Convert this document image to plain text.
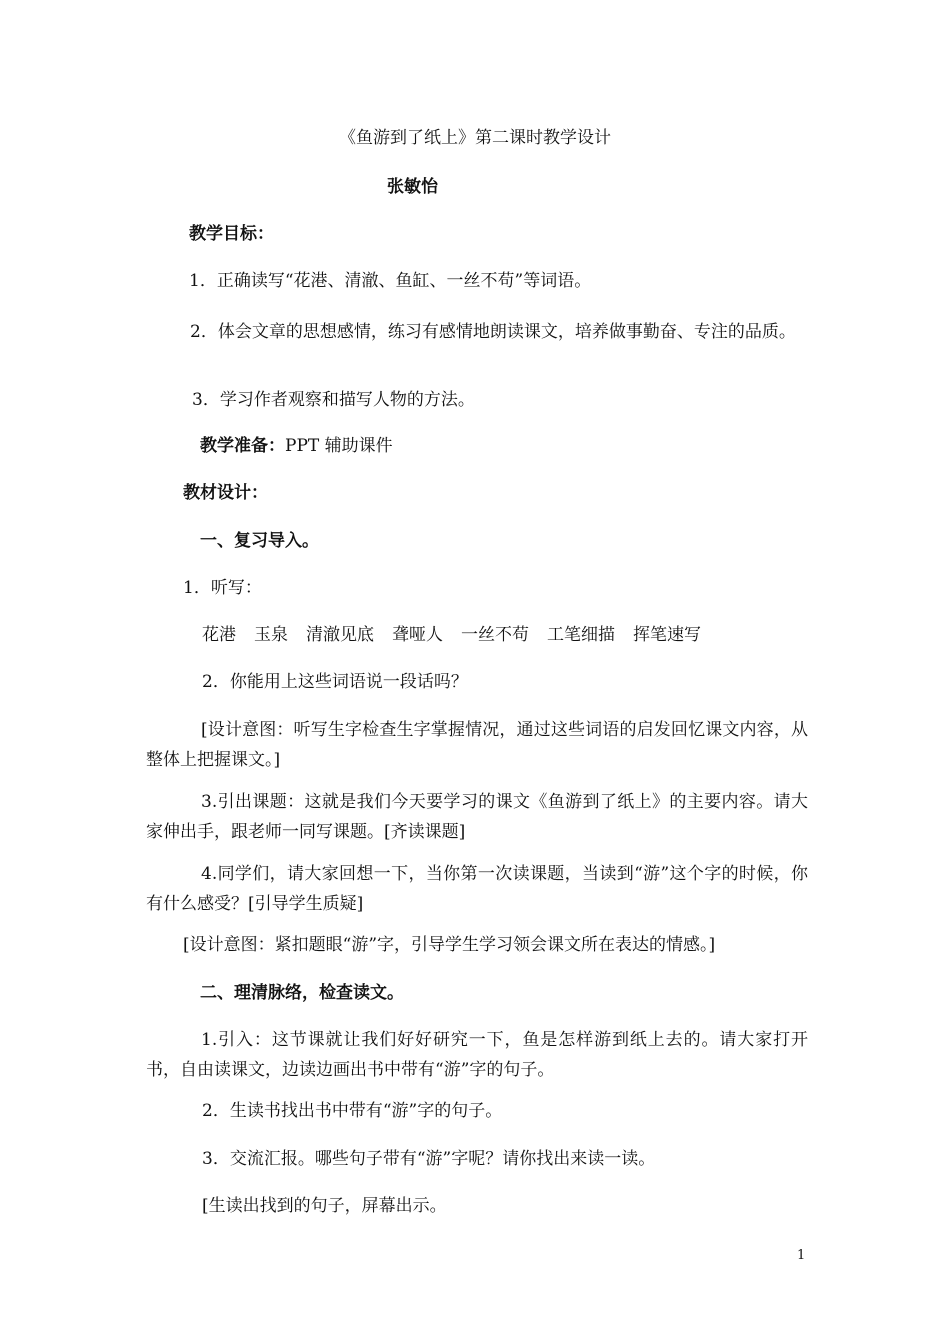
《鱼游到了纸上》第二课时教学设计
张敏怡
教学目标：
1．正确读写“花港、清澈、鱼缸、一丝不苟”等词语。
2．体会文章的思想感情，练习有感情地朗读课文，培养做事勤奋、专注的品质。
3．学习作者观察和描写人物的方法。
教学准备：PPT 辅助课件
教材设计：
一、复习导入。
1．听写：
花港 玉泉 清澈见底 聋哑人 一丝不苟 工笔细描 挥笔速写
2．你能用上这些词语说一段话吗？
[设计意图：听写生字检查生字掌握情况，通过这些词语的启发回忆课文内容，从整体上把握课文。]
3.引出课题：这就是我们今天要学习的课文《鱼游到了纸上》的主要内容。请大家伸出手，跟老师一同写课题。[齐读课题]
4.同学们，请大家回想一下，当你第一次读课题，当读到“游”这个字的时候，你有什么感受？[引导学生质疑]
[设计意图：紧扣题眼“游”字，引导学生学习领会课文所在表达的情感。]
二、理清脉络，检查读文。
1.引入：这节课就让我们好好研究一下，鱼是怎样游到纸上去的。请大家打开书，自由读课文，边读边画出书中带有“游”字的句子。
2．生读书找出书中带有“游”字的句子。
3．交流汇报。哪些句子带有“游”字呢？请你找出来读一读。
[生读出找到的句子，屏幕出示。
1
